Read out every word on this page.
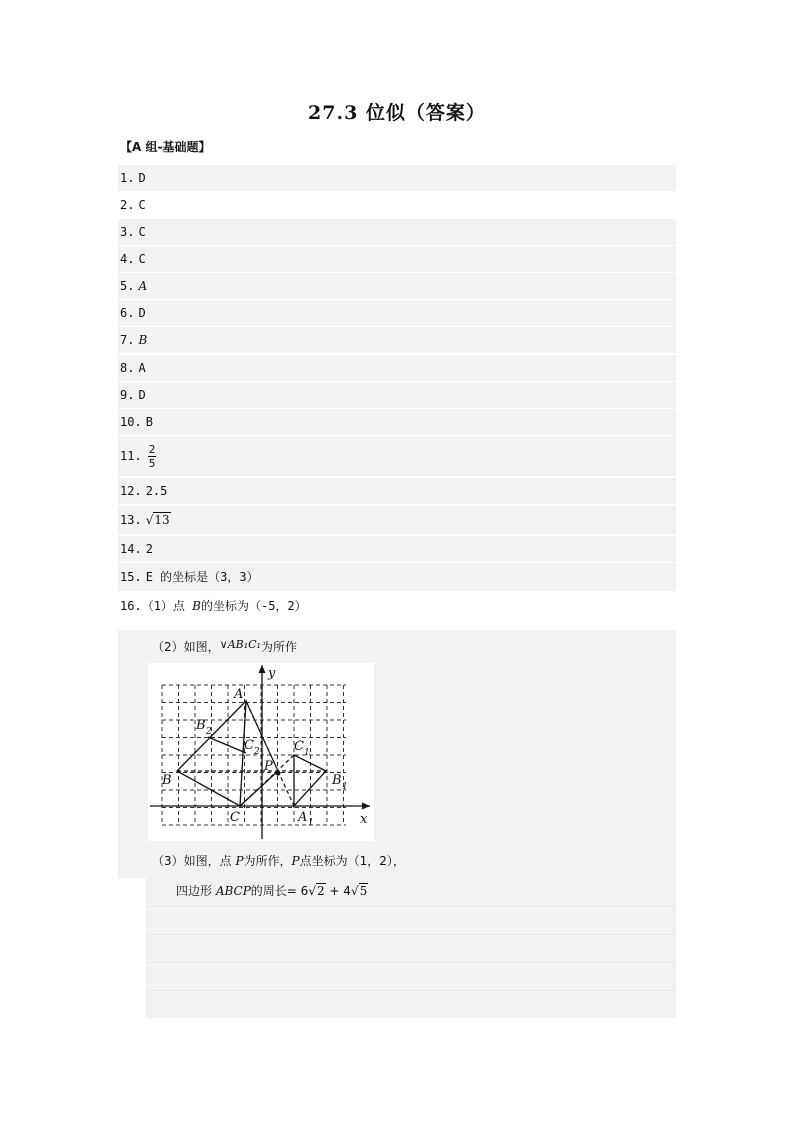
27.3 位似（答案）
【A 组-基础题】
1. D
2. C
3. C
4. C
5. A
6. D
7. B
8. A
9. D
10. B
11. $\frac{2}{5}$
12. 2.5
13. √13
14. 2
15. E 的坐标是（3，3）
16.（1）点 B的坐标为（-5，2）
（2）如图，∨AB₁C₁为所作
A
B 2
C 2	C 1
P
B	B 1
C	A 1	x
y
（3）如图，点 P为所作，P点坐标为（1，2），
四边形 ABCP的周长= 6√2 + 4√5
